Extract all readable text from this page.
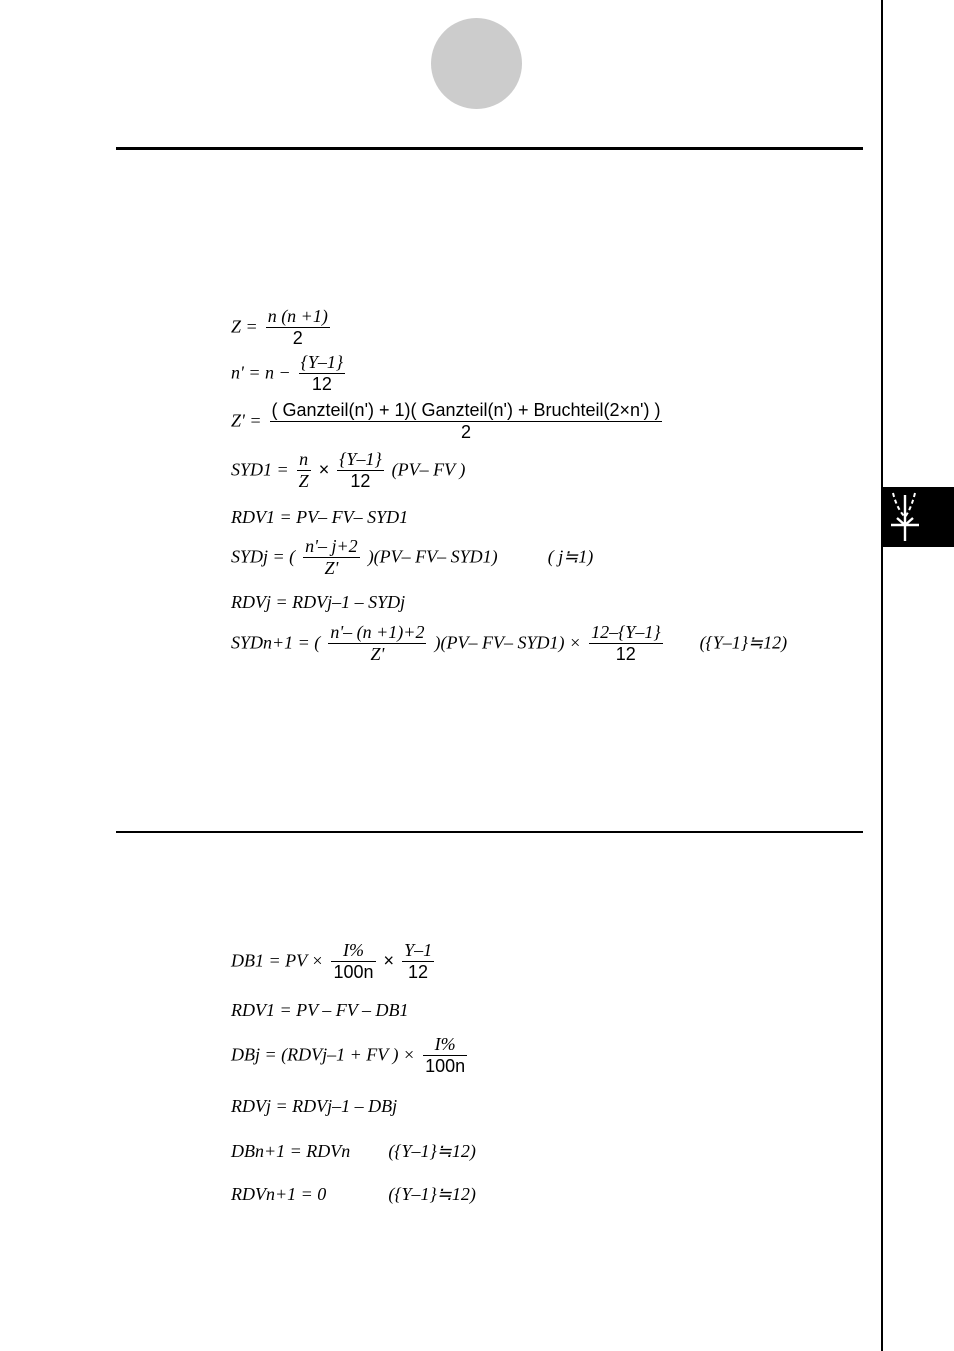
$Z = \frac{n (n +1)}{2}$
$n' = n - \frac{\{Y-1\}}{12}$
$Z' = \frac{\text{( Ganzteil(n') + 1)( Ganzteil(n') + Bruchteil(2×n') )}}{2}$
$SYD1 = \frac{n}{Z} \times \frac{\{Y-1\}}{12} (PV-$ FV )
RDV1 = PV– FV– SYD1
SYDj = ( $\frac{n'- j+2}{Z'} )(PV-$ FV– SYD1)	( j≒1)
RDVj = RDVj–1 – SYDj
SYDn+1 = ( $\frac{n'- (n +1)+2}{Z'} )(PV-$ FV– $SYD1) \times \frac{12-\{Y-1\}}{12}$ ({Y–1}≒12)
DB1 = PV × $\frac{I\%}{100n} \times \frac{Y-1}{12}$
RDV1 = PV – FV – DB1
DBj = (RDVj–1 + FV ) × $\frac{I\%}{100n}$
RDVj = RDVj–1 – DBj
DBn+1 = RDVn ({Y–1}≒12)
RDVn+1 = 0	({Y–1}≒12)
